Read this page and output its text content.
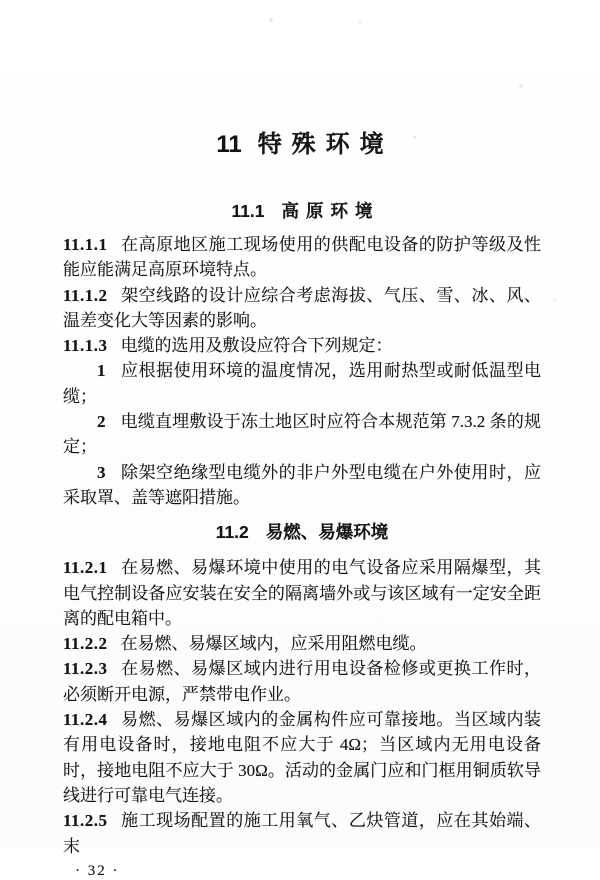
11 特殊环境
11.1 高原环境

11.1.1 在高原地区施工现场使用的供配电设备的防护等级及性能应能满足高原环境特点。

11.1.2 架空线路的设计应综合考虑海拔、气压、雪、冰、风、温差变化大等因素的影响。

11.1.3 电缆的选用及敷设应符合下列规定：

1 应根据使用环境的温度情况，选用耐热型或耐低温型电缆；

2 电缆直埋敷设于冻土地区时应符合本规范第 7.3.2 条的规定；

3 除架空绝缘型电缆外的非户外型电缆在户外使用时，应采取罩、盖等遮阳措施。

11.2 易燃、易爆环境

11.2.1 在易燃、易爆环境中使用的电气设备应采用隔爆型，其电气控制设备应安装在安全的隔离墙外或与该区域有一定安全距离的配电箱中。

11.2.2 在易燃、易爆区域内，应采用阻燃电缆。

11.2.3 在易燃、易爆区域内进行用电设备检修或更换工作时，必须断开电源，严禁带电作业。

11.2.4 易燃、易爆区域内的金属构件应可靠接地。当区域内装有用电设备时，接地电阻不应大于 4Ω；当区域内无用电设备时，接地电阻不应大于 30Ω。活动的金属门应和门框用铜质软导线进行可靠电气连接。

11.2.5 施工现场配置的施工用氧气、乙炔管道，应在其始端、末

· 32 ·
